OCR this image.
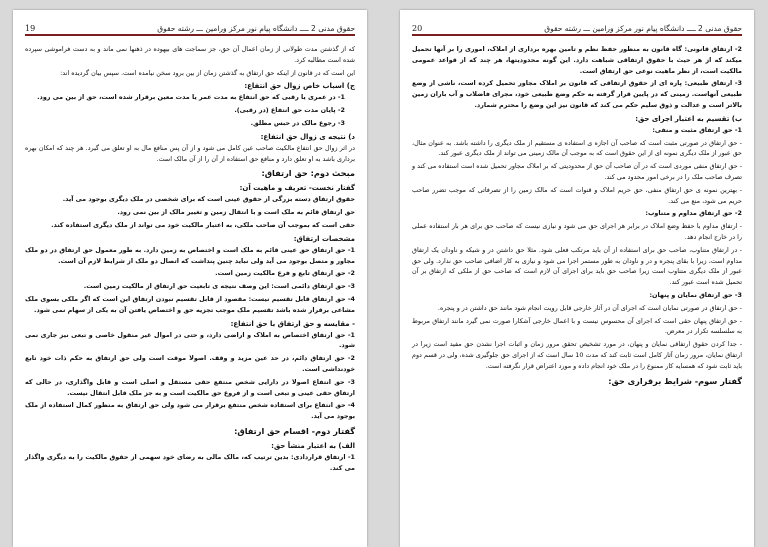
19	حقوق مدنی 2 ــــ دانشگاه پیام نور مرکز ورامین ـــ رشته حقوق

که از گذشتن مدت طولانی از زمان اعمال آن حق، جز سماجت های بیهوده در ذهنها نمی ماند و به دست فراموشی سپرده شده است مطالبه کرد.

این است که در قانون از اینکه حق ارتفاق به گذشتن زمان از بین برود سخن نیامده است. سپس بیان گردیده اند:

ج) اسباب خاص زوال حق انتفاع:

1- در عمری یا رقبی که حق انتفاع به مدت عمر یا مدت معین برقرار شده است، حق از بین می رود.

2- پایان مدت حق انتفاع (در رقبی).

3- رجوع مالک در حبس مطلق.

د) نتیجه ی زوال حق انتفاع:

در اثر زوال حق انتفاع مالکیت صاحب عین کامل می شود و از آن پس منافع مال به او تعلق می گیرد. هر چند که امکان بهره برداری باشد به او تعلق دارد و منافع حق استفاده از آن را از آن مالک است.

مبحث دوم: حق ارتفاق:

گفتار نخست- تعریف و ماهیت آن:

حقوق ارتفاق دسته بزرگی از حقوق عینی است که برای شخصی در ملک دیگری بوجود می آید.

حق ارتفاق قائم به ملک است و با انتقال زمین و تغییر مالک از بین نمی رود.

حقی است که بموجب آن صاحب ملکی، به اعتبار مالکیت خود می تواند از ملک دیگری استفاده کند.

مشخصات ارتفاق:

1- حق ارتفاق حق عینی قائم به ملک است و اختصاص به زمین دارد. به طور معمول حق ارتفاق در دو ملک مجاور و متصل بوجود می آید ولی نباید چنین پنداشت که اتصال دو ملک از شرایط لازم آن است.

2- حق ارتفاق تابع و فرع مالکیت زمین است.

3- حق ارتفاق دائمی است: این وصف نتیجه ی تابعیت حق ارتفاق از مالکیت زمین است.

4- حق ارتفاق قابل تقسیم نیست: مقصود از قابل تقسیم نبودن ارتفاق این است که اگر ملکی بسوی ملک مشاعی برقرار شده باشد تقسیم ملک موجب تجزیه حق و اختصاص یافتن آن به یکی از سهام نمی شود.

- مقایسه و حق ارتفاق با حق انتفاع:

1- حق ارتفاق اختصاص به املاک و اراضی دارد، و حتی در اموال غیر منقول خاصی و تبعی نیز جاری نمی شود.

2- حق ارتفاق دائم، در حد عین مزید و وقف. اصولا موقت است ولی حق ارتفاق به حکم ذات خود تابع خودنداشی است.

3- حق انتفاع اصولا در دارایی شخص منتفع حقی مستقل و اصلی است و قابل واگذاری، در حالی که ارتفاق حقی عینی و تبعی است و از فروع حق مالکیت است و به جز ملک قابل انتقال نیست.

4- حق انتفاع برای استفاده شخص منتفع برقرار می شود ولی حق ارتفاق به منظور کمال استفاده از ملک بوجود می آید.

گفتار دوم- اقسام حق ارتفاق:

الف) به اعتبار منشأ حق:

1- ارتفاق قراردادی: بدین ترتیب که، مالک مالی به رضای خود سهمی از حقوق مالکیت را به دیگری واگذار می کند.

20	حقوق مدنی 2 ــــ دانشگاه پیام نور مرکز ورامین ـــ رشته حقوق

2- ارتفاق قانونی: گاه قانون به منظور حفظ نظم و تامین بهره برداری از املاک، اموری را بر آنها تحمیل میکند که از هر حیث با حقوق ارتفاقی شباهت دارد. این گونه محدودیتها، هر چند که از قواعد عمومی مالکیت است، از نظر ماهیت نوعی حق ارتفاق است.

3- ارتفاق طبیعی: پاره ای از حقوق ارتفاقی که قانون بر املاک مجاور تحمیل کرده است، ناشی از وضع طبیعی آنهاست. زمینی که در پایین قرار گرفته به حکم وضع طبیعی خود، مجرای فاضلاب و آب باران زمین بالاتر است و عدالت و ذوق سلیم حکم می کند که قانون نیز این وضع را محترم شمارد.

ب) تقسیم به اعتبار اجرای حق:

1- حق ارتفاق مثبت و منفی:

- حق ارتفاق در صورتی مثبت است که صاحب آن اجازه ی استفاده ی مستقیم از ملک دیگری را داشته باشد. به عنوان مثال، حق عبور از ملک دیگری نمونه ای از این حقوق است که به موجب آن مالک زمینی می تواند از ملک دیگری عبور کند.

- حق ارتفاق منفی موردی است که در آن صاحب آن حق از محدودیتی که بر املاک مجاور تحمیل شده است استفاده می کند و تصرف صاحب ملک را در برخی امور محدود می کند.

- بهترین نمونه ی حق ارتفاق منفی، حق حریم املاک و قنوات است که مالک زمین را از تصرفاتی که موجب تضرر صاحب حریم می شود، منع می کند.

2- حق ارتفاق مداوم و متناوب:

- ارتفاق مداوم با حفظ وضع املاک در برابر هر اجرای حق می شود و نیازی نیست که صاحب حق برای هر بار استفاده عملی را در خارج انجام دهد.

- در ارتفاق متناوب، صاحب حق برای استفاده از آن باید مرتکب فعلی شود. مثلا حق داشتن در و شیکه و ناودان یک ارتفاق مداوم است، زیرا با بقای پنجره و در و ناودان به طور مستمر اجرا می شود و نیازی به کار اضافی صاحب حق ندارد. ولی حق عبور از ملک دیگری متناوب است زیرا صاحب حق باید برای اجرای آن لازم است که صاحب حق از ملکی که ارتفاق بر آن تحمیل شده است عبور کند.

3- حق ارتفاق نمایان و پنهان:

- حق ارتفاق در صورتی نمایان است که اجرای آن در آثار خارجی قابل رویت انجام شود مانند حق داشتن در و پنجره.

- حق ارتفاق پنهان حقی است که اجرای آن محسوس نیست و با اعمال خارجی آشکارا صورت نمی گیرد مانند ارتفاق مربوط به سلسلسه تکرار در معرض.

- جدا کردن حقوق ارتفاقی نمایان و پنهان، در مورد تشخیص تحقق مرور زمان و اثبات اجرا نشدن حق مفید است زیرا در ارتفاق نمایان، مرور زمان آثار کامل است ثابت کند که مدت 10 سال است که از اجرای حق جلوگیری شده، ولی در قسم دوم باید ثابت شود که همسایه کار ممنوع را در ملک خود انجام داده و مورد اعتراض قرار نگرفته است.

گفتار سوم- شرایط برقراری حق:
